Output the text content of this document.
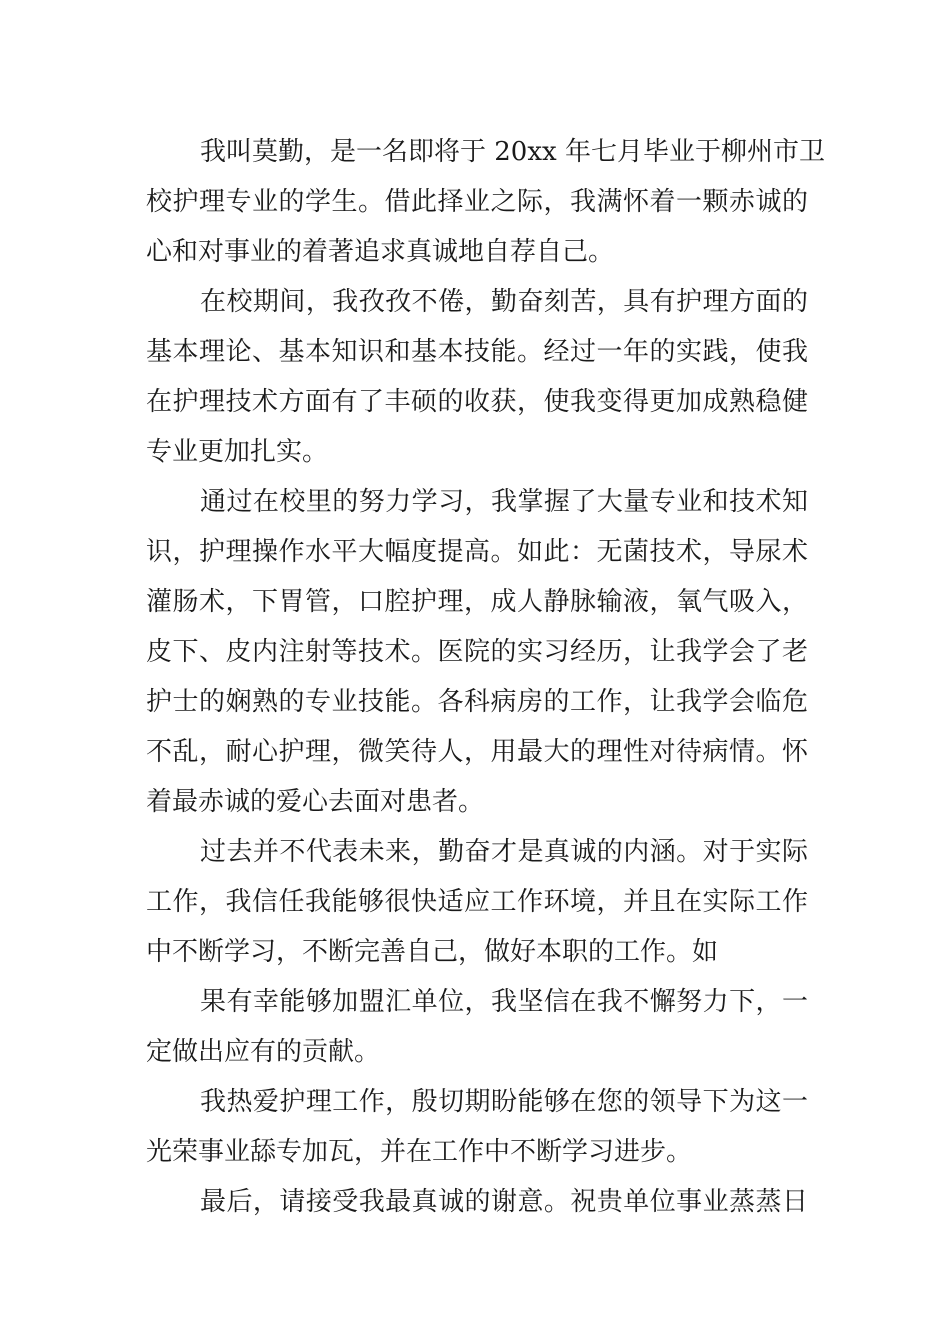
我叫莫勤，是一名即将于 20xx 年七月毕业于柳州市卫
校护理专业的学生。借此择业之际，我满怀着一颗赤诚的
心和对事业的着著追求真诚地自荐自己。
在校期间，我孜孜不倦，勤奋刻苦，具有护理方面的
基本理论、基本知识和基本技能。经过一年的实践，使我
在护理技术方面有了丰硕的收获，使我变得更加成熟稳健
专业更加扎实。
通过在校里的努力学习，我掌握了大量专业和技术知
识，护理操作水平大幅度提高。如此：无菌技术，导尿术
灌肠术，下胃管，口腔护理，成人静脉输液，氧气吸入，
皮下、皮内注射等技术。医院的实习经历，让我学会了老
护士的娴熟的专业技能。各科病房的工作，让我学会临危
不乱，耐心护理，微笑待人，用最大的理性对待病情。怀
着最赤诚的爱心去面对患者。
过去并不代表未来，勤奋才是真诚的内涵。对于实际
工作，我信任我能够很快适应工作环境，并且在实际工作
中不断学习，不断完善自己，做好本职的工作。如
果有幸能够加盟汇单位，我坚信在我不懈努力下，一
定做出应有的贡献。
我热爱护理工作，殷切期盼能够在您的领导下为这一
光荣事业舔专加瓦，并在工作中不断学习进步。
最后，请接受我最真诚的谢意。祝贵单位事业蒸蒸日
